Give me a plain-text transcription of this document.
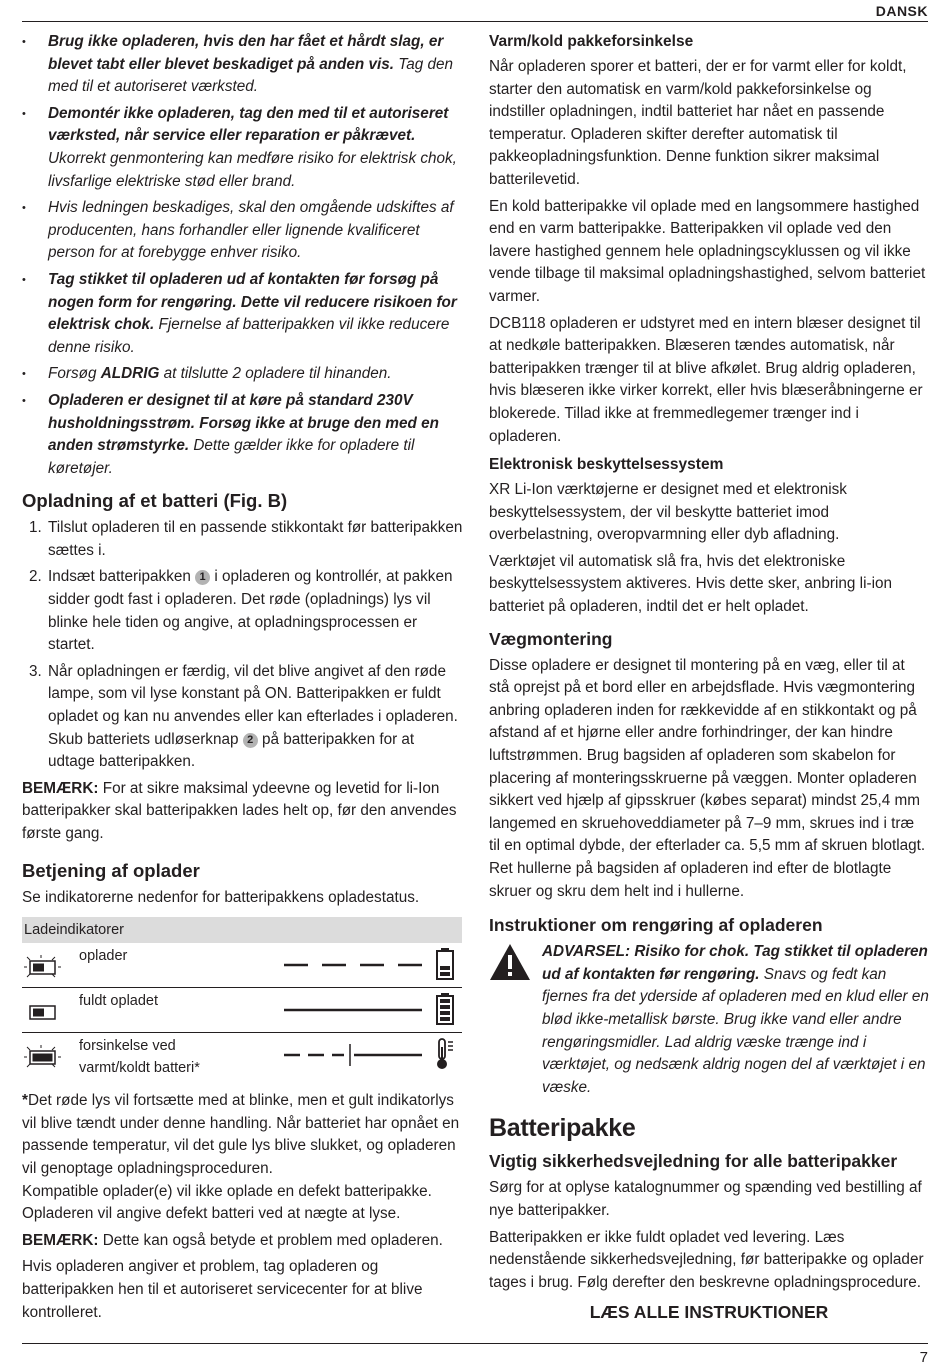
DANSK
• Brug ikke opladeren, hvis den har fået et hårdt slag, er blevet tabt eller blevet beskadiget på anden vis. Tag den med til et autoriseret værksted.
• Demontér ikke opladeren, tag den med til et autoriseret værksted, når service eller reparation er påkrævet. Ukorrekt genmontering kan medføre risiko for elektrisk chok, livsfarlige elektriske stød eller brand.
• Hvis ledningen beskadiges, skal den omgående udskiftes af producenten, hans forhandler eller lignende kvalificeret person for at forebygge enhver risiko.
• Tag stikket til opladeren ud af kontakten før forsøg på nogen form for rengøring. Dette vil reducere risikoen for elektrisk chok. Fjernelse af batteripakken vil ikke reducere denne risiko.
• Forsøg ALDRIG at tilslutte 2 opladere til hinanden.
• Opladeren er designet til at køre på standard 230V husholdningsstrøm. Forsøg ikke at bruge den med en anden strømstyrke. Dette gælder ikke for opladere til køretøjer.
Opladning af et batteri (Fig. B)
1. Tilslut opladeren til en passende stikkontakt før batteripakken sættes i.
2. Indsæt batteripakken 1 i opladeren og kontrollér, at pakken sidder godt fast i opladeren. Det røde (opladnings) lys vil blinke hele tiden og angive, at opladningsprocessen er startet.
3. Når opladningen er færdig, vil det blive angivet af den røde lampe, som vil lyse konstant på ON. Batteripakken er fuldt opladet og kan nu anvendes eller kan efterlades i opladeren. Skub batteriets udløserknap 2 på batteripakken for at udtage batteripakken.

BEMÆRK: For at sikre maksimal ydeevne og levetid for li-Ion batteripakker skal batteripakken lades helt op, før den anvendes første gang.

Betjening af oplader

Se indikatorerne nedenfor for batteripakkens opladestatus.

Ladeindikatorer
oplader
fuldt opladet
forsinkelse ved
varmt/koldt batteri*
*Det røde lys vil fortsætte med at blinke, men et gult indikatorlys vil blive tændt under denne handling. Når batteriet har opnået en passende temperatur, vil det gule lys blive slukket, og opladeren vil genoptage opladningsproceduren.

Kompatible oplader(e) vil ikke oplade en defekt batteripakke. Opladeren vil angive defekt batteri ved at nægte at lyse.

BEMÆRK: Dette kan også betyde et problem med opladeren.

Hvis opladeren angiver et problem, tag opladeren og batteripakken hen til et autoriseret servicecenter for at blive kontrolleret.

Varm/kold pakkeforsinkelse

Når opladeren sporer et batteri, der er for varmt eller for koldt, starter den automatisk en varm/kold pakkeforsinkelse og indstiller opladningen, indtil batteriet har nået en passende temperatur. Opladeren skifter derefter automatisk til pakkeopladningsfunktion. Denne funktion sikrer maksimal batterilevetid.

En kold batteripakke vil oplade med en langsommere hastighed end en varm batteripakke. Batteripakken vil oplade ved den lavere hastighed gennem hele opladningscyklussen og vil ikke vende tilbage til maksimal opladningshastighed, selvom batteriet varmer.

DCB118 opladeren er udstyret med en intern blæser designet til at nedkøle batteripakken. Blæseren tændes automatisk, når batteripakken trænger til at blive afkølet. Brug aldrig opladeren, hvis blæseren ikke virker korrekt, eller hvis blæseråbningerne er blokerede. Tillad ikke at fremmedlegemer trænger ind i opladeren.

Elektronisk beskyttelsessystem

XR Li-Ion værktøjerne er designet med et elektronisk beskyttelsessystem, der vil beskytte batteriet imod overbelastning, overopvarmning eller dyb afladning.

Værktøjet vil automatisk slå fra, hvis det elektroniske beskyttelsessystem aktiveres. Hvis dette sker, anbring li-ion batteriet på opladeren, indtil det er helt opladet.

Vægmontering

Disse opladere er designet til montering på en væg, eller til at stå oprejst på et bord eller en arbejdsflade. Hvis vægmontering anbring opladeren inden for rækkevidde af en stikkontakt og på afstand af et hjørne eller andre forhindringer, der kan hindre luftstrømmen. Brug bagsiden af opladeren som skabelon for placering af monteringsskruerne på væggen. Monter opladeren sikkert ved hjælp af gipsskruer (købes separat) mindst 25,4 mm langemed en skruehoveddiameter på 7–9 mm, skrues ind i træ til en optimal dybde, der efterlader ca. 5,5 mm af skruen blotlagt. Ret hullerne på bagsiden af opladeren ind efter de blotlagte skruer og skru dem helt ind i hullerne.

Instruktioner om rengøring af opladeren
ADVARSEL: Risiko for chok. Tag stikket til opladeren ud af kontakten før rengøring. Snavs og fedt kan fjernes fra det yderside af opladeren med en klud eller en blød ikke-metallisk børste. Brug ikke vand eller andre rengøringsmidler. Lad aldrig væske trænge ind i værktøjet, og nedsænk aldrig nogen del af værktøjet i en væske.
Batteripakke
Vigtig sikkerhedsvejledning for alle batteripakker

Sørg for at oplyse katalognummer og spænding ved bestilling af nye batteripakker.

Batteripakken er ikke fuldt opladet ved levering. Læs nedenstående sikkerhedsvejledning, før batteripakke og oplader tages i brug. Følg derefter den beskrevne opladningsprocedure.

LÆS ALLE INSTRUKTIONER
7
